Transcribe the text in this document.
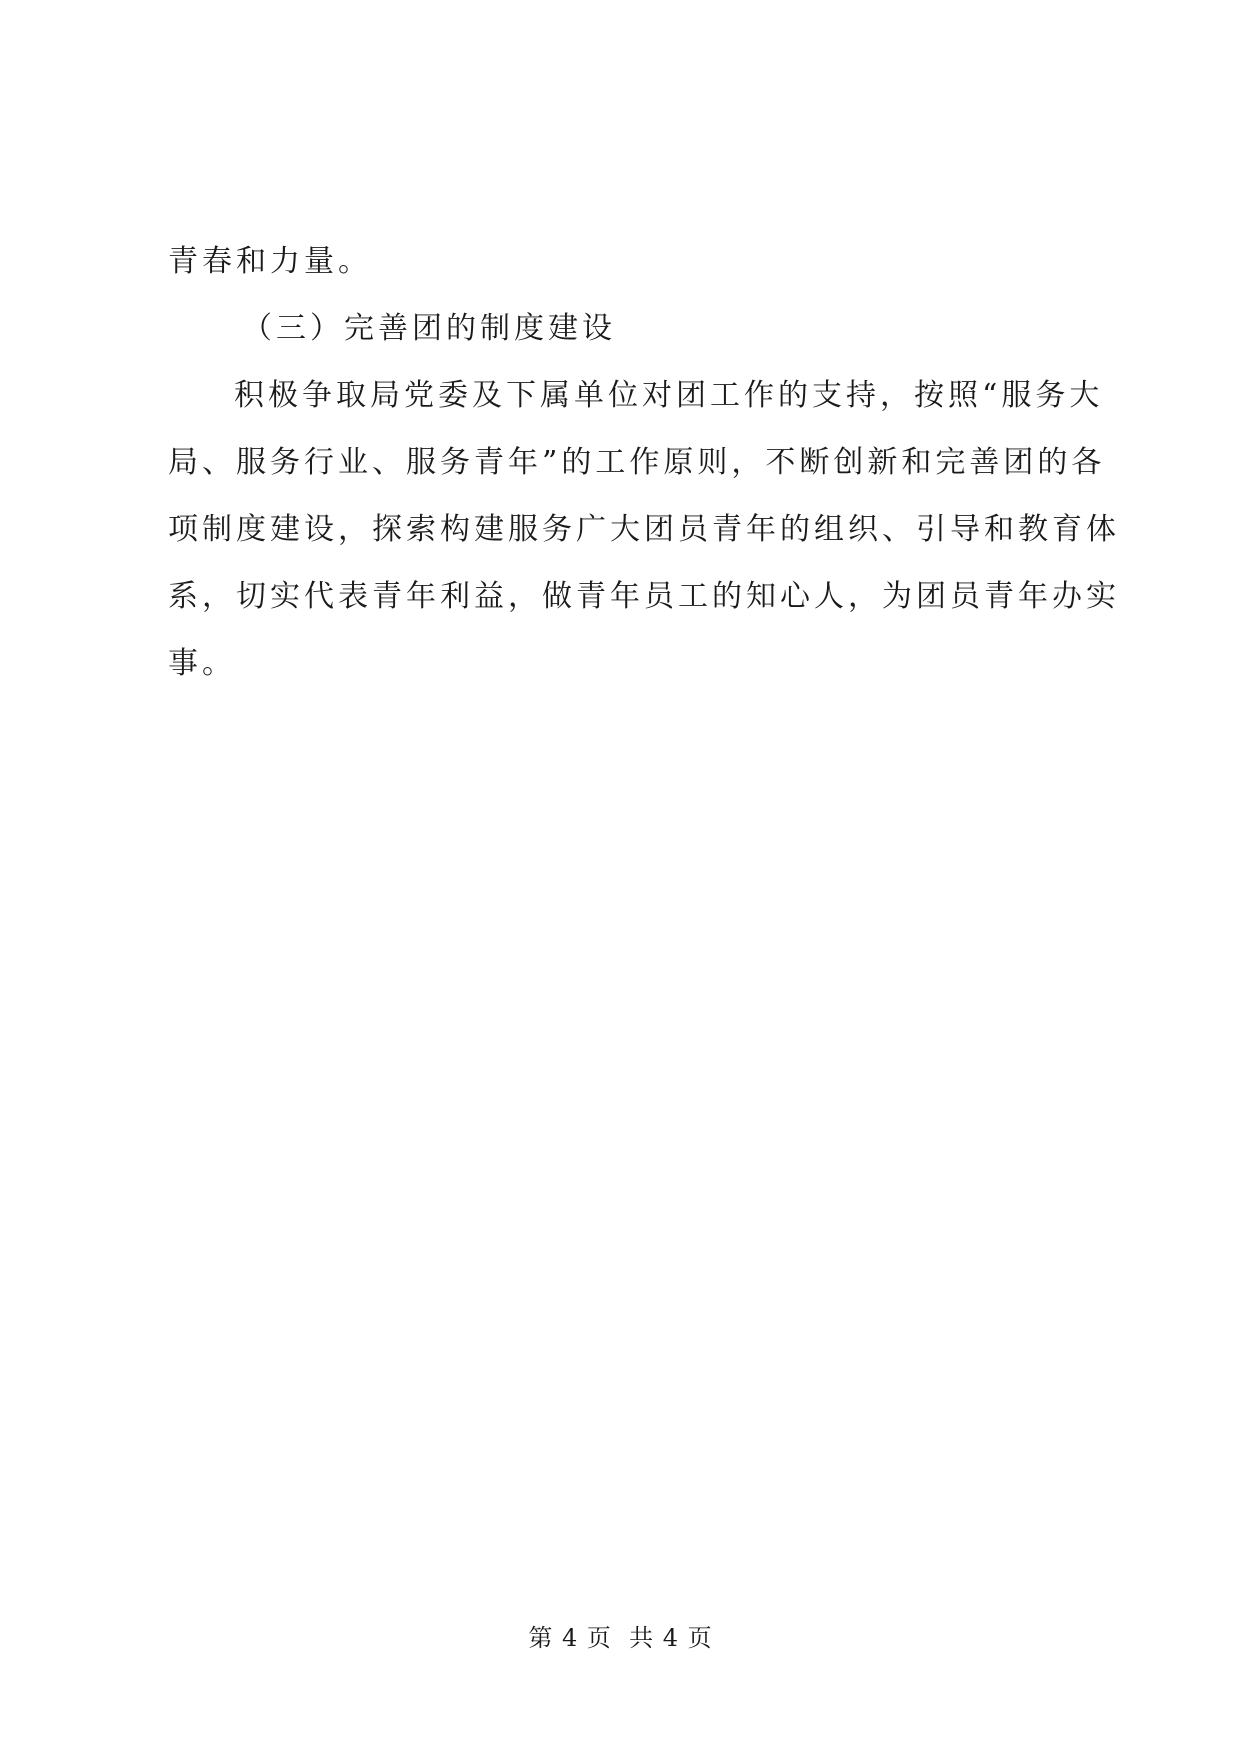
青春和力量。
（三）完善团的制度建设
积极争取局党委及下属单位对团工作的支持，按照“服务大
局、服务行业、服务青年”的工作原则，不断创新和完善团的各
项制度建设，探索构建服务广大团员青年的组织、引导和教育体
系，切实代表青年利益，做青年员工的知心人，为团员青年办实
事。
第 4 页  共 4 页
